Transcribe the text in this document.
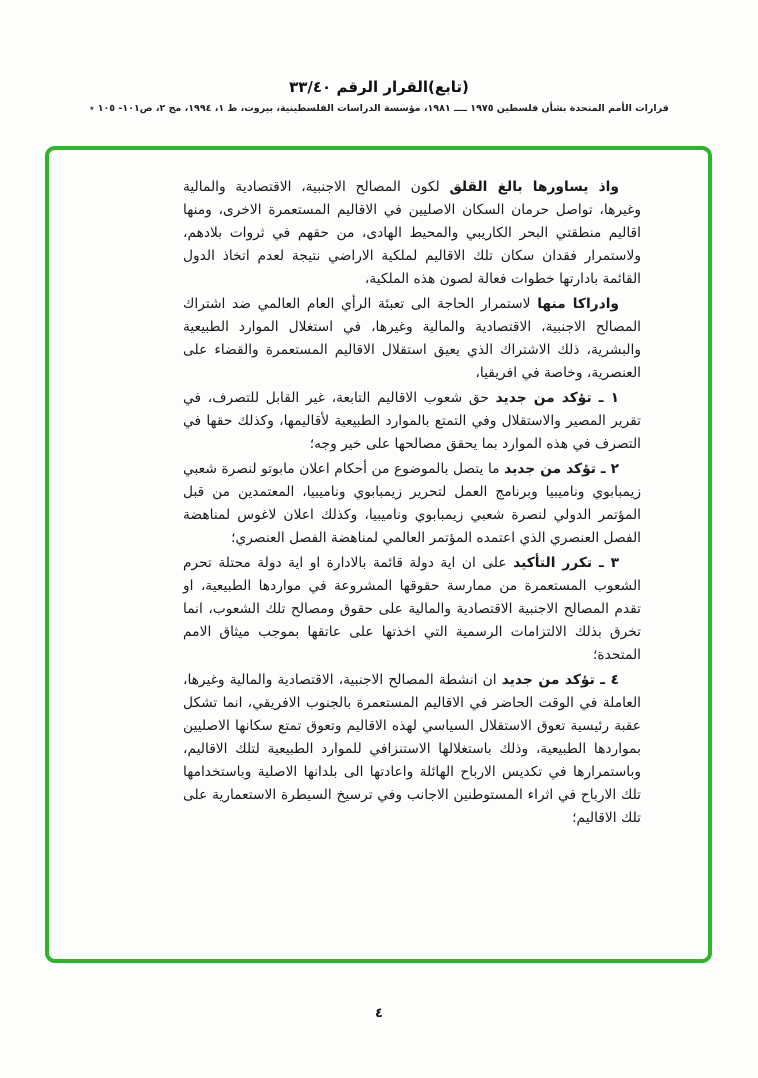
(تابع)القرار الرقم ٣٣/٤٠
قرارات الأمم المتحدة بشأن فلسطين ١٩٧٥ ــــ ١٩٨١، مؤسسة الدراسات الفلسطينية، بيروت، ط ١، ١٩٩٤، مج ٢، ص١٠١- ١٠٥ ٭

واذ يساورها بالغ القلق لكون المصالح الاجنبية، الاقتصادية والمالية وغيرها، تواصل حرمان السكان الاصليين في الاقاليم المستعمرة الاخرى، ومنها اقاليم منطقتي البحر الكاريبي والمحيط الهادى، من حقهم في ثروات بلادهم، ولاستمرار فقدان سكان تلك الاقاليم لملكية الاراضي نتيجة لعدم اتخاذ الدول القائمة بادارتها خطوات فعالة لصون هذه الملكية،

وادراكا منها لاستمرار الحاجة الى تعبئة الرأي العام العالمي ضد اشتراك المصالح الاجنبية، الاقتصادية والمالية وغيرها، في استغلال الموارد الطبيعية والبشرية، ذلك الاشتراك الذي يعيق استقلال الاقاليم المستعمرة والقضاء على العنصرية، وخاصة في افريقيا،

١ ـ تؤكد من جديد حق شعوب الاقاليم التابعة، غير القابل للتصرف، في تقرير المصير والاستقلال وفي التمتع بالموارد الطبيعية لأقاليمها، وكذلك حقها في التصرف في هذه الموارد بما يحقق مصالحها على خير وجه؛

٢ ـ تؤكد من جديد ما يتصل بالموضوع من أحكام اعلان مابوتو لنصرة شعبي زيمبابوي وناميبيا وبرنامج العمل لتحرير زيمبابوي وناميبيا، المعتمدين من قبل المؤتمر الدولي لنصرة شعبي زيمبابوي وناميبيا، وكذلك اعلان لاغوس لمناهضة الفصل العنصري الذي اعتمده المؤتمر العالمي لمناهضة الفصل العنصري؛

٣ ـ تكرر التأكيد على ان اية دولة قائمة بالادارة او اية دولة محتلة تحرم الشعوب المستعمرة من ممارسة حقوقها المشروعة في مواردها الطبيعية، او تقدم المصالح الاجنبية الاقتصادية والمالية على حقوق ومصالح تلك الشعوب، انما تخرق بذلك الالتزامات الرسمية التي اخذتها على عاتقها بموجب ميثاق الامم المتحدة؛

٤ ـ تؤكد من جديد ان انشطة المصالح الاجنبية، الاقتصادية والمالية وغيرها، العاملة في الوقت الحاضر في الاقاليم المستعمرة بالجنوب الافريقي، انما تشكل عقبة رئيسية تعوق الاستقلال السياسي لهذه الاقاليم وتعوق تمتع سكانها الاصليين بمواردها الطبيعية، وذلك باستغلالها الاستنزافي للموارد الطبيعية لتلك الاقاليم، وباستمرارها في تكديس الارباح الهائلة واعادتها الى بلدانها الاصلية وباستخدامها تلك الارباح في اثراء المستوطنين الاجانب وفي ترسيخ السيطرة الاستعمارية على تلك الاقاليم؛

٤
